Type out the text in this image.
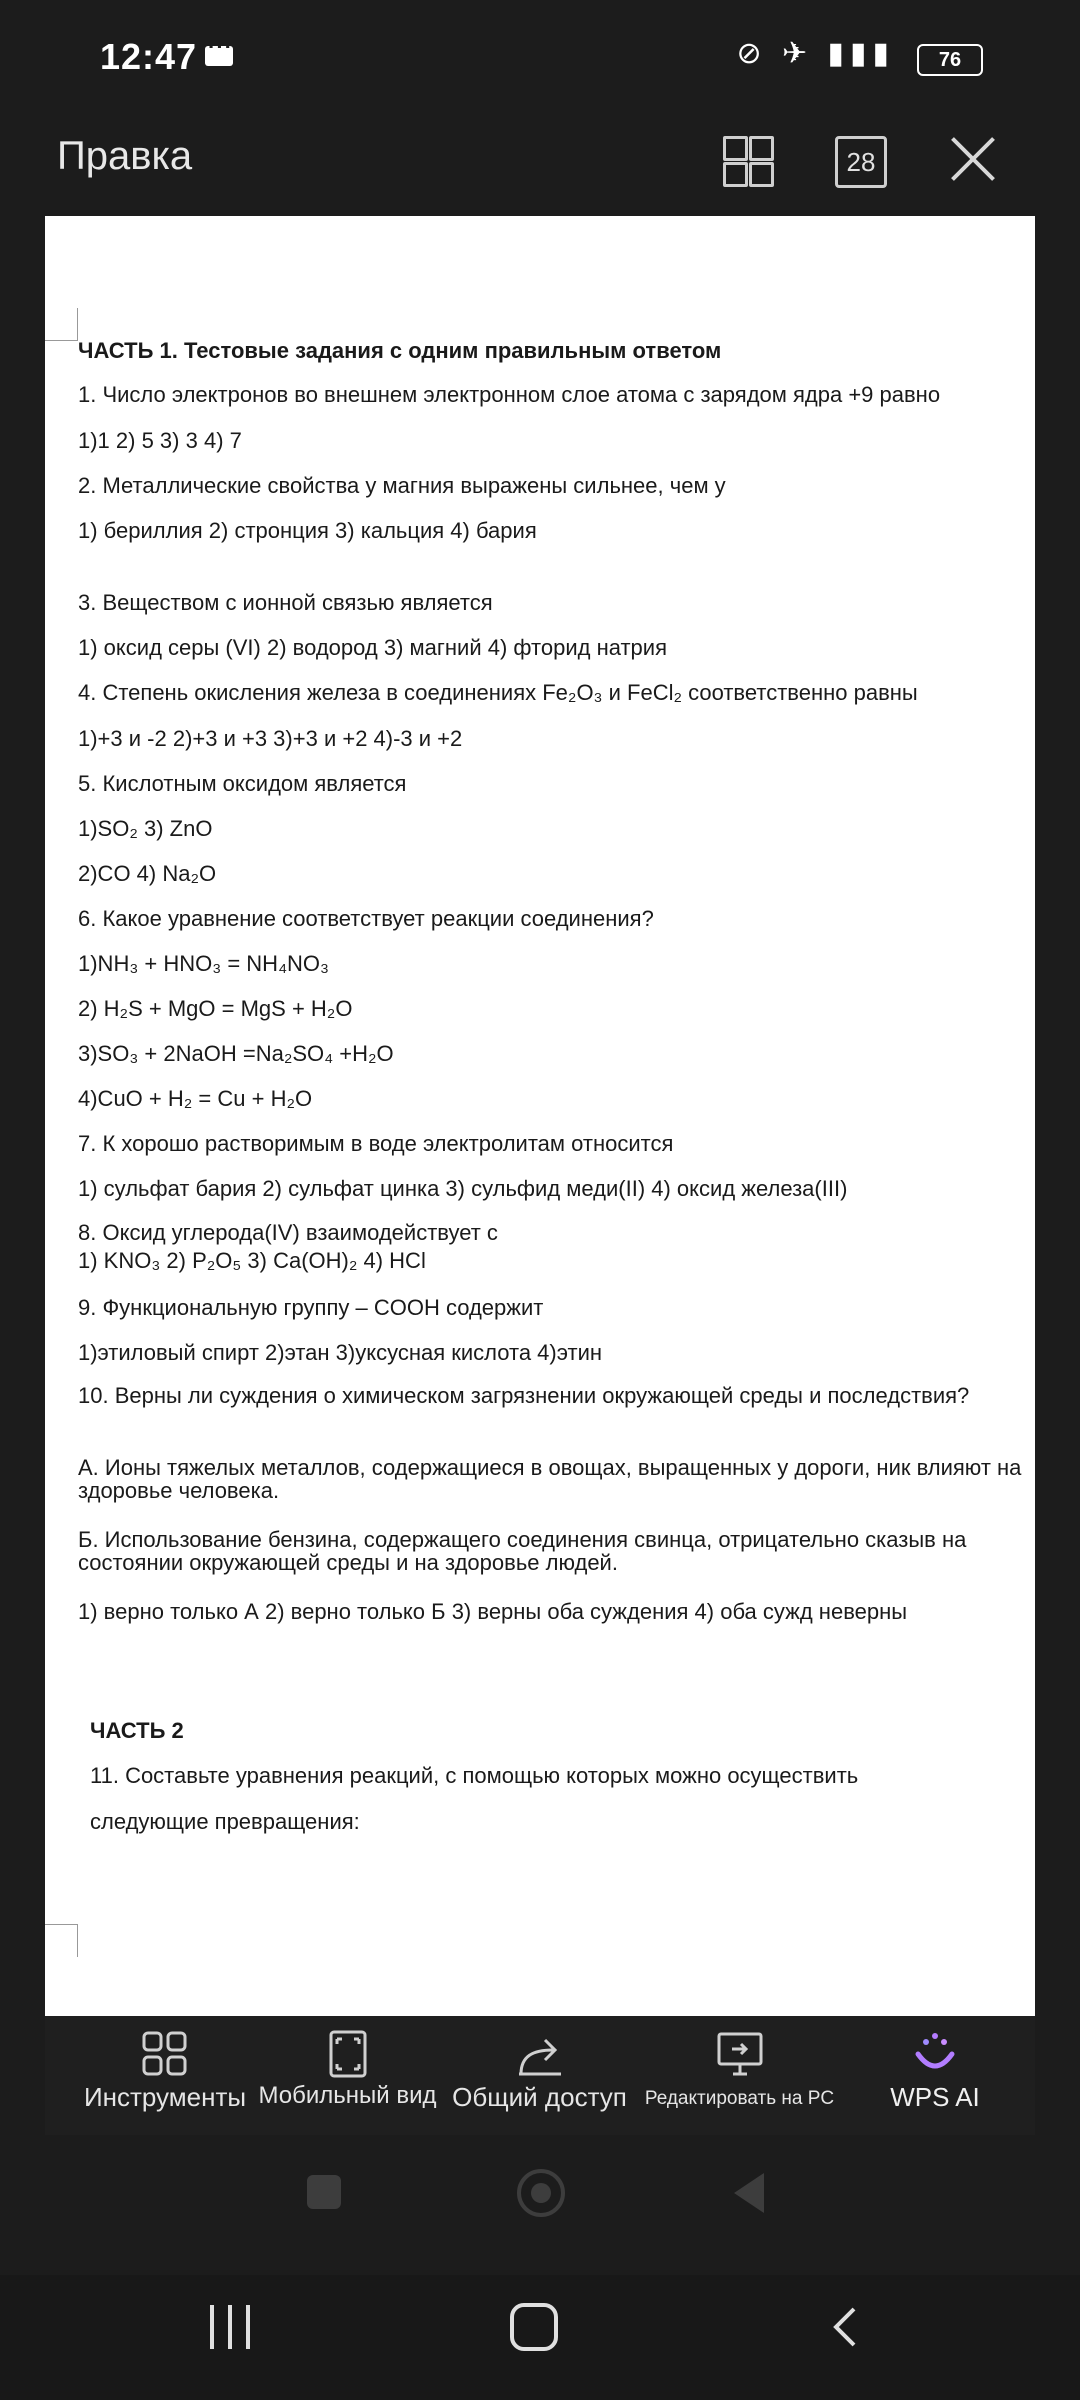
12:47
···	⊘ ✈ ▮▮▮	76
Правка	28
ЧАСТЬ 1. Тестовые задания с одним правильным ответом
1. Число электронов во внешнем электронном слое атома с зарядом ядра +9 равно
1)1 2) 5 3) 3 4) 7
2. Металлические свойства у магния выражены сильнее, чем у
1) бериллия 2) стронция 3) кальция 4) бария
3. Веществом с ионной связью является
1) оксид серы (VI) 2) водород 3) магний 4) фторид натрия
4. Степень окисления железа в соединениях Fe₂O₃ и FeCl₂ соответственно равны
1)+3 и -2 2)+3 и +3 3)+3 и +2 4)-3 и +2
5. Кислотным оксидом является
1)SO₂ 3) ZnO
2)CO 4) Na₂O
6. Какое уравнение соответствует реакции соединения?
1)NH₃ + HNO₃ = NH₄NO₃
2) H₂S + MgO = MgS + H₂O
3)SO₃ + 2NaOH =Na₂SO₄ +H₂O
4)CuO + H₂ = Cu + H₂O
7. К хорошо растворимым в воде электролитам относится
1) сульфат бария 2) сульфат цинка 3) сульфид меди(II) 4) оксид железа(III)
8. Оксид углерода(IV) взаимодействует с
1) KNO₃ 2) P₂O₅ 3) Ca(OH)₂ 4) HCl
9. Функциональную группу – COOH содержит
1)этиловый спирт 2)этан 3)уксусная кислота 4)этин
10. Верны ли суждения о химическом загрязнении окружающей среды и последствия?
А. Ионы тяжелых металлов, содержащиеся в овощах, выращенных у дороги, ник влияют на здоровье человека.
Б. Использование бензина, содержащего соединения свинца, отрицательно сказыв на состоянии окружающей среды и на здоровье людей.
1) верно только А 2) верно только Б 3) верны оба суждения 4) оба сужд неверны
ЧАСТЬ 2
11. Составьте уравнения реакций, с помощью которых можно осуществить
следующие превращения:
Инструменты Мобильный вид Общий доступ Редактировать на PC	WPS AI
